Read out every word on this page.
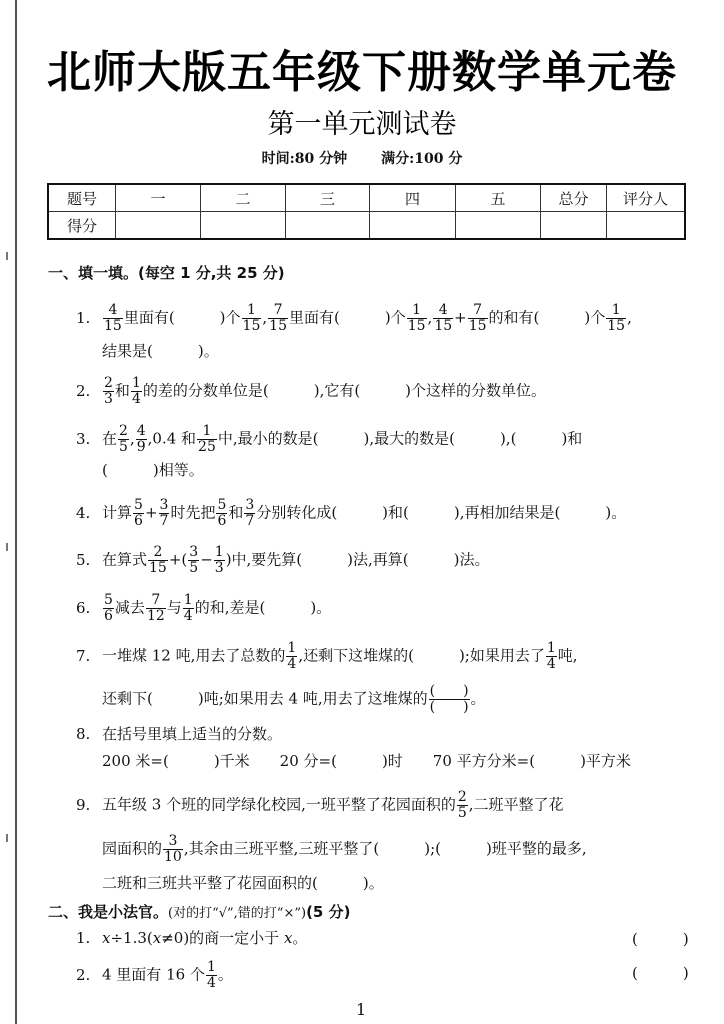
北师大版五年级下册数学单元卷
第一单元测试卷
时间:80 分钟 满分:100 分
题号	一	二	三	四	五	总分	评分人
得分							
一、填一填。(每空 1 分,共 25 分)
1. $\frac{4}{15}$ 里面有(　　　)个 $\frac{1}{15}$ , $\frac{7}{15}$ 里面有(　　　)个 $\frac{1}{15}$ , $\frac{4}{15} + \frac{7}{15}$ 的和有(　　　)个 $\frac{1}{15}$ ,
结果是(　　　)。
2. $\frac{2}{3}$ 和 $\frac{1}{4}$ 的差的分数单位是(　　　),它有(　　　)个这样的分数单位。
3. 在 $\frac{2}{5}$ , $\frac{4}{9} ,0.4$ 和 $\frac{1}{25}$ 中,最小的数是(　　　),最大的数是(　　　),(　　　)和
(　　　)相等。
4. 计算 $\frac{5}{6} + \frac{3}{7}$ 时先把 $\frac{5}{6}$ 和 $\frac{3}{7}$ 分别转化成(　　　)和(　　　),再相加结果是(　　　)。
5. 在算式 $\frac{2}{15}$ +( $\frac{3}{5} - \frac{1}{3}$ )中,要先算(　　　)法,再算(　　　)法。
6. $\frac{5}{6}$ 减去 $\frac{7}{12}$ 与 $\frac{1}{4}$ 的和,差是(　　　)。
7. 一堆煤 12 吨,用去了总数的 $\frac{1}{4}$ ,还剩下这堆煤的(　　　);如果用去了 $\frac{1}{4}$ 吨,
还剩下(　　　)吨;如果用去 4 吨,用去了这堆煤的 $\frac{( )}{( )}$ 。
8. 在括号里填上适当的分数。
200 米=(　　　)千米　　20 分=(　　　)时　　70 平方分米=(　　　)平方米
9. 五年级 3 个班的同学绿化校园,一班平整了花园面积的 $\frac{2}{5}$ ,二班平整了花
园面积的 $\frac{3}{10}$ ,其余由三班平整,三班平整了(　　　);(　　　)班平整的最多,
二班和三班共平整了花园面积的(　　　)。
二、我是小法官。(对的打“√”,错的打“×”)(5 分)
1. x÷1.3(x≠0)的商一定小于 x。	(　　　)
2. 4 里面有 16 个 $\frac{1}{4}$ 。	(　　　)
1
